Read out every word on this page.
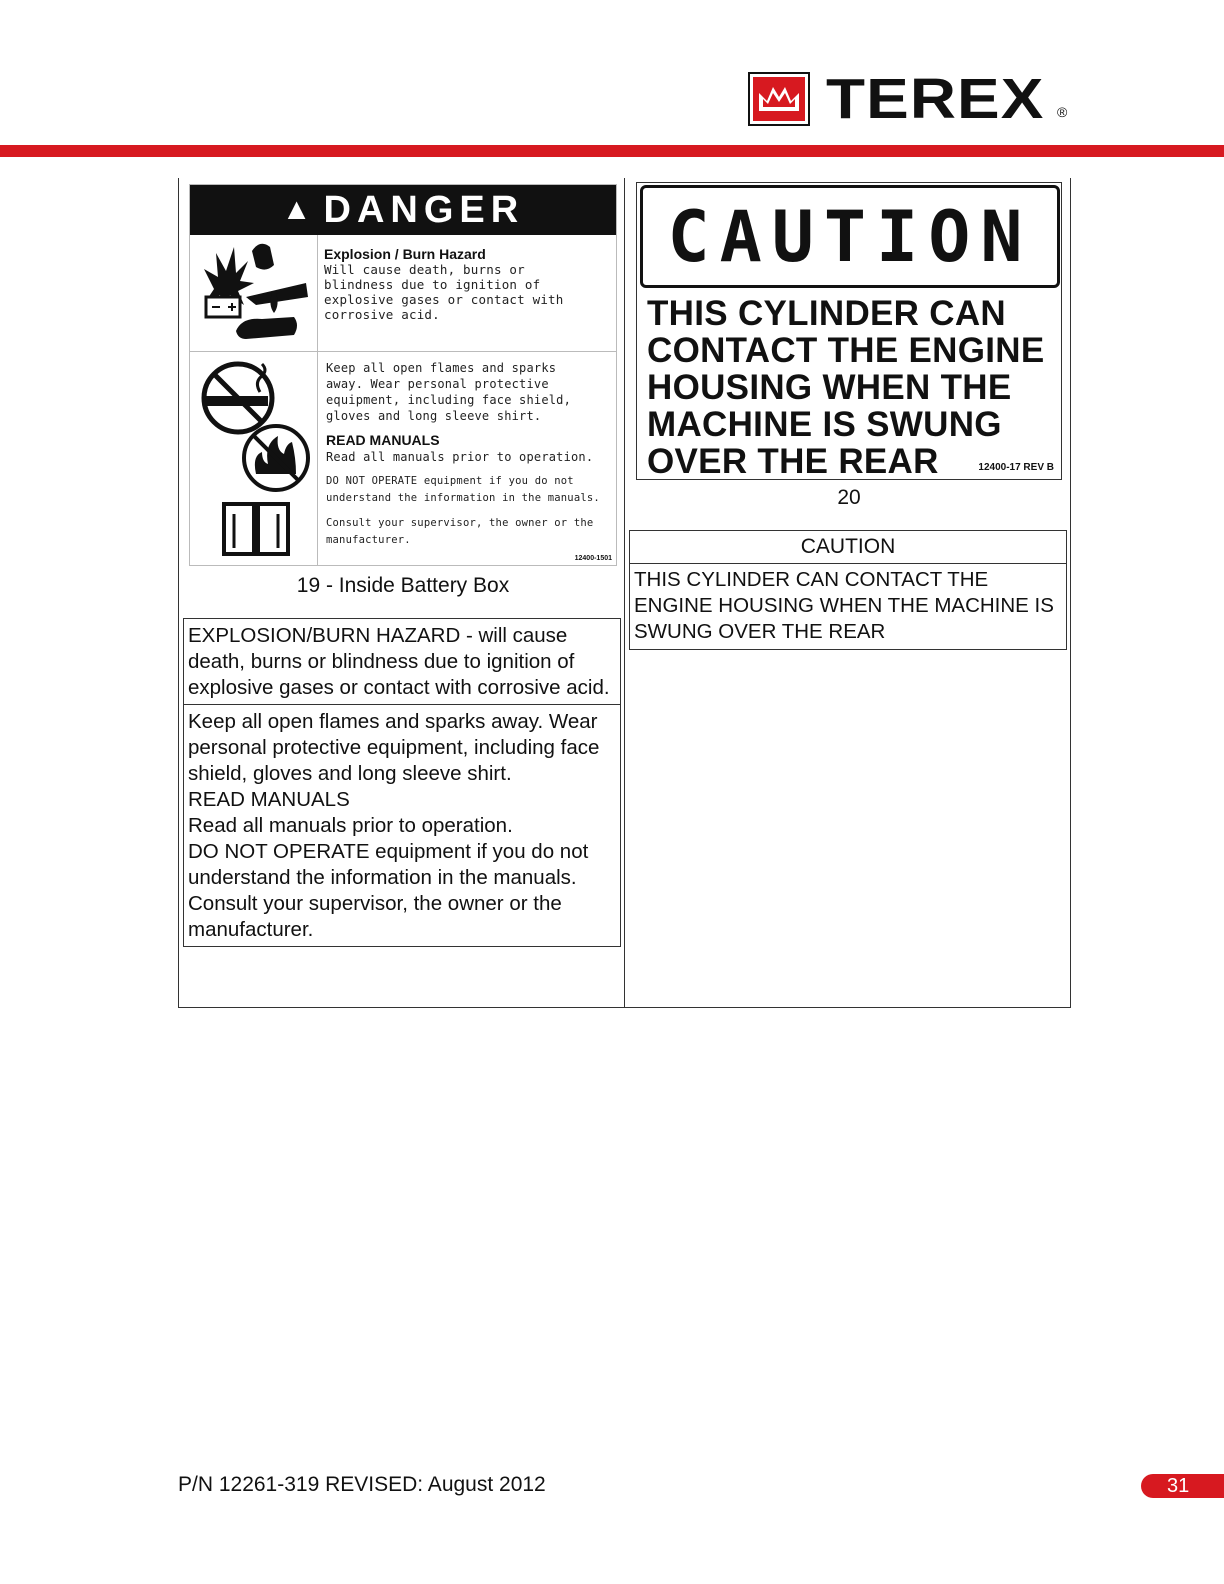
TEREX ®
▲ DANGER
Explosion / Burn Hazard
Will cause death, burns or
blindness due to ignition of
explosive gases or contact with
corrosive acid.
Keep all open flames and sparks
away. Wear personal protective
equipment, including face shield,
gloves and long sleeve shirt.

READ MANUALS
Read all manuals prior to operation.

DO NOT OPERATE equipment if you do not
understand the information in the manuals.

Consult your supervisor, the owner or the
manufacturer.
12400-1501
19 - Inside Battery Box

EXPLOSION/BURN HAZARD - will cause death, burns or blindness due to ignition of explosive gases or contact with corrosive acid.

Keep all open flames and sparks away. Wear personal protective equipment, including face shield, gloves and long sleeve shirt.

READ MANUALS

Read all manuals prior to operation.

DO NOT OPERATE equipment if you do not understand the information in the manuals.

Consult your supervisor, the owner or the manufacturer.

CAUTION
THIS CYLINDER CAN
CONTACT THE ENGINE
HOUSING WHEN THE
MACHINE IS SWUNG
OVER THE REAR	12400-17 REV B
20
CAUTION
THIS CYLINDER CAN CONTACT THE ENGINE HOUSING WHEN THE MACHINE IS SWUNG OVER THE REAR
P/N 12261-319 REVISED: August 2012	31
